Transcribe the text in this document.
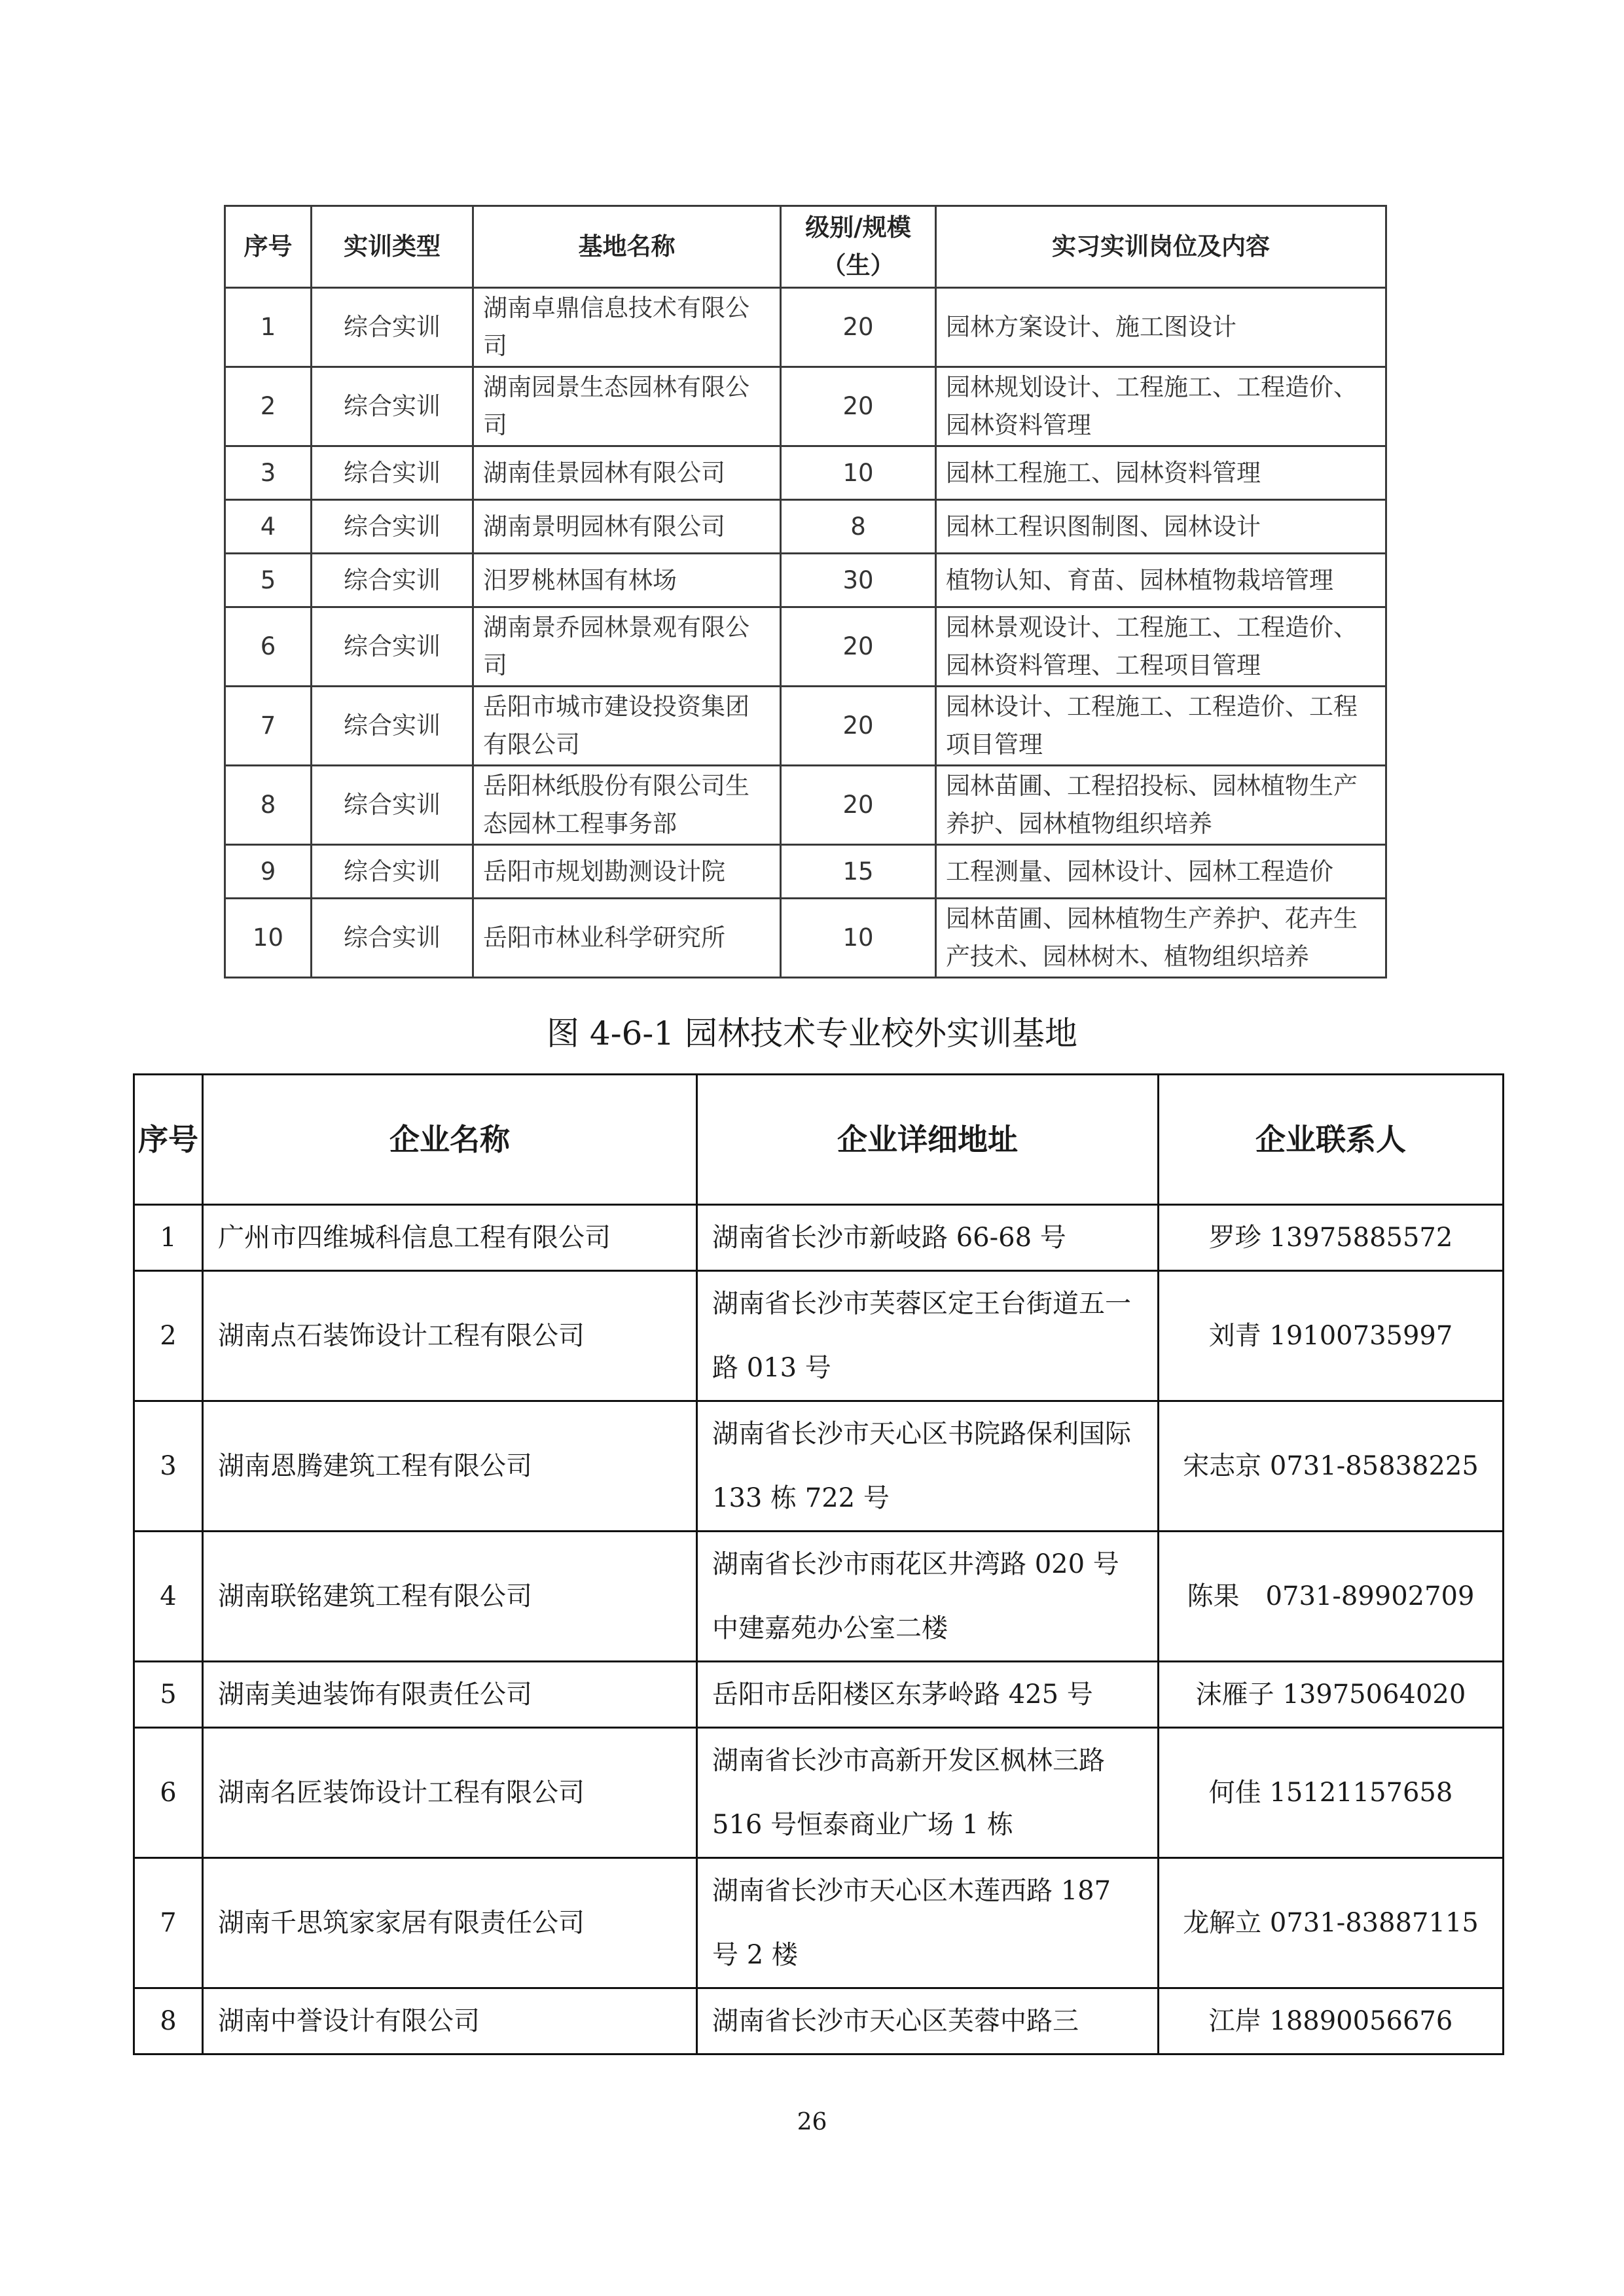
序号	实训类型	基地名称	级别/规模（生）	实习实训岗位及内容
1	综合实训	湖南卓鼎信息技术有限公司	20	园林方案设计、施工图设计
2	综合实训	湖南园景生态园林有限公司	20	园林规划设计、工程施工、工程造价、园林资料管理
3	综合实训	湖南佳景园林有限公司	10	园林工程施工、园林资料管理
4	综合实训	湖南景明园林有限公司	8	园林工程识图制图、园林设计
5	综合实训	汨罗桃林国有林场	30	植物认知、育苗、园林植物栽培管理
6	综合实训	湖南景乔园林景观有限公司	20	园林景观设计、工程施工、工程造价、园林资料管理、工程项目管理
7	综合实训	岳阳市城市建设投资集团有限公司	20	园林设计、工程施工、工程造价、工程项目管理
8	综合实训	岳阳林纸股份有限公司生态园林工程事务部	20	园林苗圃、工程招投标、园林植物生产养护、园林植物组织培养
9	综合实训	岳阳市规划勘测设计院	15	工程测量、园林设计、园林工程造价
10	综合实训	岳阳市林业科学研究所	10	园林苗圃、园林植物生产养护、花卉生产技术、园林树木、植物组织培养
图 4-6-1 园林技术专业校外实训基地
序号	企业名称	企业详细地址	企业联系人
1	广州市四维城科信息工程有限公司	湖南省长沙市新岐路 66-68 号	罗珍 13975885572
2	湖南点石装饰设计工程有限公司	湖南省长沙市芙蓉区定王台街道五一路 013 号	刘青 19100735997
3	湖南恩腾建筑工程有限公司	湖南省长沙市天心区书院路保利国际 133 栋 722 号	宋志京 0731-85838225
4	湖南联铭建筑工程有限公司	湖南省长沙市雨花区井湾路 020 号中建嘉苑办公室二楼	陈果　0731-89902709
5	湖南美迪装饰有限责任公司	岳阳市岳阳楼区东茅岭路 425 号	沫雁子 13975064020
6	湖南名匠装饰设计工程有限公司	湖南省长沙市高新开发区枫林三路 516 号恒泰商业广场 1 栋	何佳 15121157658
7	湖南千思筑家家居有限责任公司	湖南省长沙市天心区木莲西路 187 号 2 楼	龙解立 0731-83887115
8	湖南中誉设计有限公司	湖南省长沙市天心区芙蓉中路三	江岸 18890056676
26
